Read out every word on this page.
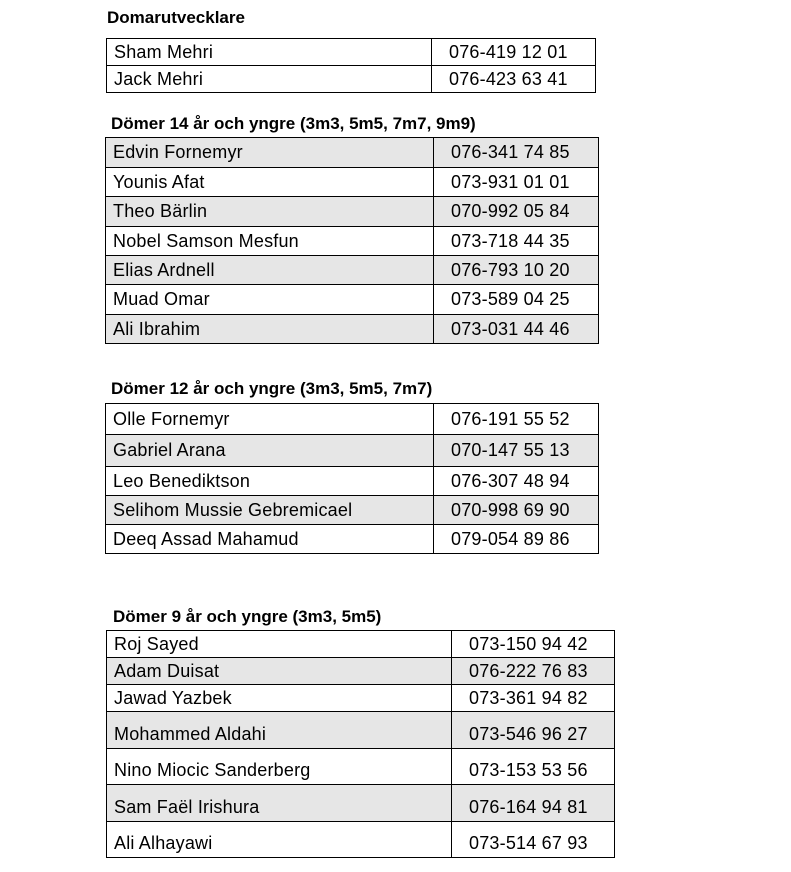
Domarutvecklare
Sham Mehri	076-419 12 01
Jack Mehri	076-423 63 41
Dömer 14 år och yngre (3m3, 5m5, 7m7, 9m9)
Edvin Fornemyr	076-341 74 85
Younis Afat	073-931 01 01
Theo Bärlin	070-992 05 84
Nobel Samson Mesfun	073-718 44 35
Elias Ardnell	076-793 10 20
Muad Omar	073-589 04 25
Ali Ibrahim	073-031 44 46
Dömer 12 år och yngre (3m3, 5m5, 7m7)
Olle Fornemyr	076-191 55 52
Gabriel Arana	070-147 55 13
Leo Benediktson	076-307 48 94
Selihom Mussie Gebremicael	070-998 69 90
Deeq Assad Mahamud	079-054 89 86
Dömer 9 år och yngre (3m3, 5m5)
Roj Sayed	073-150 94 42
Adam Duisat	076-222 76 83
Jawad Yazbek	073-361 94 82
Mohammed Aldahi	073-546 96 27
Nino Miocic Sanderberg	073-153 53 56
Sam Faël Irishura	076-164 94 81
Ali Alhayawi	073-514 67 93
